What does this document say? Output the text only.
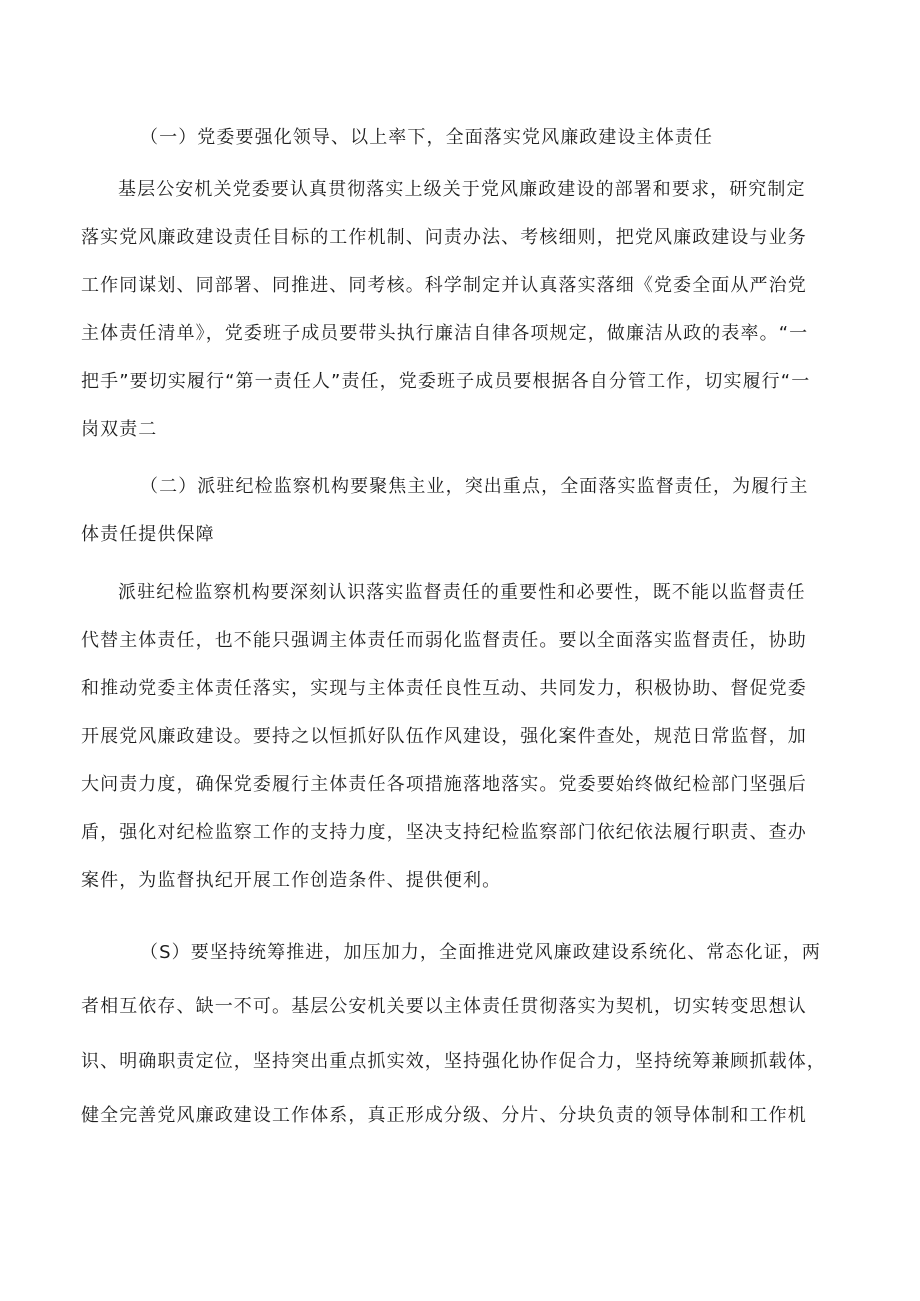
（一）党委要强化领导、以上率下，全面落实党风廉政建设主体责任
基层公安机关党委要认真贯彻落实上级关于党风廉政建设的部署和要求，研究制定
落实党风廉政建设责任目标的工作机制、问责办法、考核细则，把党风廉政建设与业务
工作同谋划、同部署、同推进、同考核。科学制定并认真落实落细《党委全面从严治党
主体责任清单》，党委班子成员要带头执行廉洁自律各项规定，做廉洁从政的表率。“一
把手”要切实履行“第一责任人”责任，党委班子成员要根据各自分管工作，切实履行“一
岗双责二
（二）派驻纪检监察机构要聚焦主业，突出重点，全面落实监督责任，为履行主
体责任提供保障
派驻纪检监察机构要深刻认识落实监督责任的重要性和必要性，既不能以监督责任
代替主体责任，也不能只强调主体责任而弱化监督责任。要以全面落实监督责任，协助
和推动党委主体责任落实，实现与主体责任良性互动、共同发力，积极协助、督促党委
开展党风廉政建设。要持之以恒抓好队伍作风建设，强化案件查处，规范日常监督，加
大问责力度，确保党委履行主体责任各项措施落地落实。党委要始终做纪检部门坚强后
盾，强化对纪检监察工作的支持力度，坚决支持纪检监察部门依纪依法履行职责、查办
案件，为监督执纪开展工作创造条件、提供便利。
（S）要坚持统筹推进，加压加力，全面推进党风廉政建设系统化、常态化证，两
者相互依存、缺一不可。基层公安机关要以主体责任贯彻落实为契机，切实转变思想认
识、明确职责定位，坚持突出重点抓实效，坚持强化协作促合力，坚持统筹兼顾抓载体，
健全完善党风廉政建设工作体系，真正形成分级、分片、分块负责的领导体制和工作机
